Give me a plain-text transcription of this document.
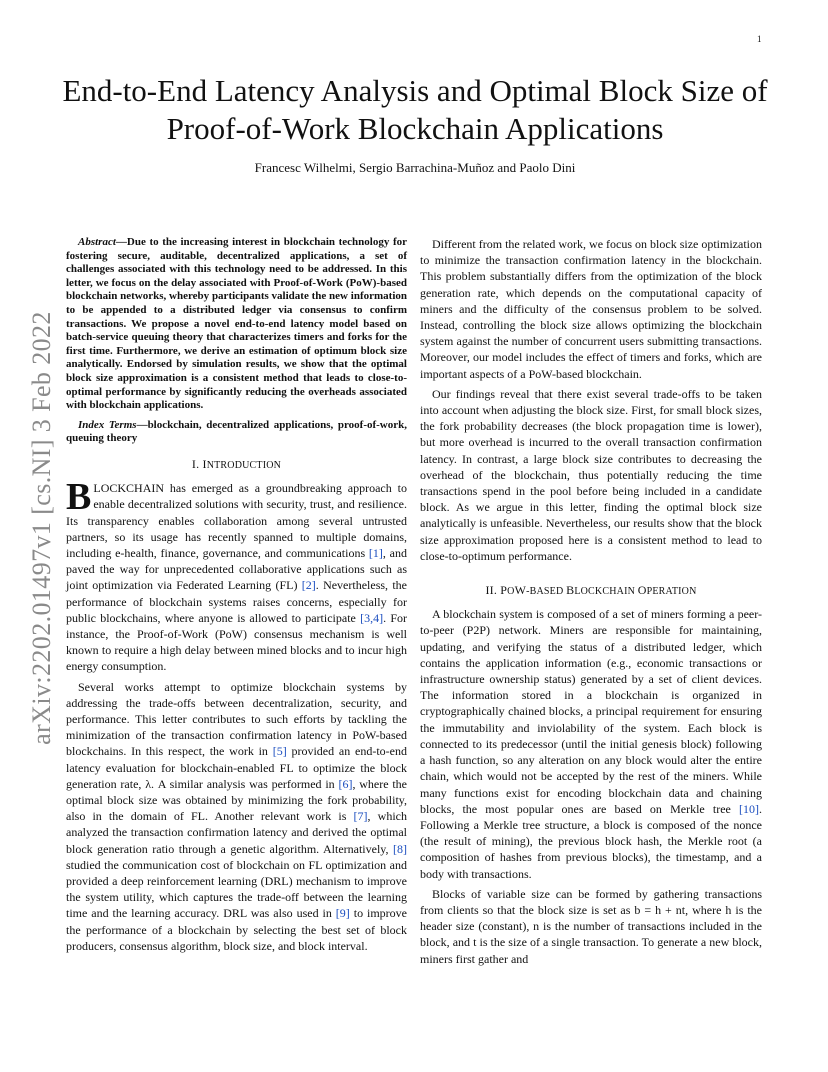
1
arXiv:2202.01497v1 [cs.NI] 3 Feb 2022
End-to-End Latency Analysis and Optimal Block Size of Proof-of-Work Blockchain Applications
Francesc Wilhelmi, Sergio Barrachina-Muñoz and Paolo Dini

Abstract—Due to the increasing interest in blockchain technology for fostering secure, auditable, decentralized applications, a set of challenges associated with this technology need to be addressed. In this letter, we focus on the delay associated with Proof-of-Work (PoW)-based blockchain networks, whereby participants validate the new information to be appended to a distributed ledger via consensus to confirm transactions. We propose a novel end-to-end latency model based on batch-service queuing theory that characterizes timers and forks for the first time. Furthermore, we derive an estimation of optimum block size analytically. Endorsed by simulation results, we show that the optimal block size approximation is a consistent method that leads to close-to-optimal performance by significantly reducing the overheads associated with blockchain applications.

Index Terms—blockchain, decentralized applications, proof-of-work, queuing theory

I. INTRODUCTION

BLOCKCHAIN has emerged as a groundbreaking approach to enable decentralized solutions with security, trust, and resilience. Its transparency enables collaboration among several untrusted partners, so its usage has recently spanned to multiple domains, including e-health, finance, governance, and communications [1], and paved the way for unprecedented collaborative applications such as joint optimization via Federated Learning (FL) [2]. Nevertheless, the performance of blockchain systems raises concerns, especially for public blockchains, where anyone is allowed to participate [3,4]. For instance, the Proof-of-Work (PoW) consensus mechanism is well known to require a high delay between mined blocks and to incur high energy consumption.

Several works attempt to optimize blockchain systems by addressing the trade-offs between decentralization, security, and performance. This letter contributes to such efforts by tackling the minimization of the transaction confirmation latency in PoW-based blockchains. In this respect, the work in [5] provided an end-to-end latency evaluation for blockchain-enabled FL to optimize the block generation rate, λ. A similar analysis was performed in [6], where the optimal block size was obtained by minimizing the fork probability, also in the domain of FL. Another relevant work is [7], which analyzed the transaction confirmation latency and derived the optimal block generation ratio through a genetic algorithm. Alternatively, [8] studied the communication cost of blockchain on FL optimization and provided a deep reinforcement learning (DRL) mechanism to improve the system utility, which captures the trade-off between the learning time and the learning accuracy. DRL was also used in [9] to improve the performance of a blockchain by selecting the best set of block producers, consensus algorithm, block size, and block interval.

Different from the related work, we focus on block size optimization to minimize the transaction confirmation latency in the blockchain. This problem substantially differs from the optimization of the block generation rate, which depends on the computational capacity of miners and the difficulty of the consensus problem to be solved. Instead, controlling the block size allows optimizing the blockchain system against the number of concurrent users submitting transactions. Moreover, our model includes the effect of timers and forks, which are important aspects of a PoW-based blockchain.

Our findings reveal that there exist several trade-offs to be taken into account when adjusting the block size. First, for small block sizes, the fork probability decreases (the block propagation time is lower), but more overhead is incurred to the overall transaction confirmation latency. In contrast, a large block size contributes to decreasing the overhead of the blockchain, thus potentially reducing the time transactions spend in the pool before being included in a candidate block. As we argue in this letter, finding the optimal block size analytically is unfeasible. Nevertheless, our results show that the block size approximation proposed here is a consistent method to lead to close-to-optimum performance.

II. POW-BASED BLOCKCHAIN OPERATION

A blockchain system is composed of a set of miners forming a peer-to-peer (P2P) network. Miners are responsible for maintaining, updating, and verifying the status of a distributed ledger, which contains the application information (e.g., economic transactions or infrastructure ownership status) generated by a set of client devices. The information stored in a blockchain is organized in cryptographically chained blocks, a principal requirement for ensuring the immutability and inviolability of the system. Each block is connected to its predecessor (until the initial genesis block) following a hash function, so any alteration on any block would alter the entire chain, which would not be accepted by the rest of the miners. While many functions exist for encoding blockchain data and chaining blocks, the most popular ones are based on Merkle tree [10]. Following a Merkle tree structure, a block is composed of the nonce (the result of mining), the previous block hash, the Merkle root (a composition of hashes from previous blocks), the timestamp, and a body with transactions.

Blocks of variable size can be formed by gathering transactions from clients so that the block size is set as b = h + nt, where h is the header size (constant), n is the number of transactions included in the block, and t is the size of a single transaction. To generate a new block, miners first gather and
